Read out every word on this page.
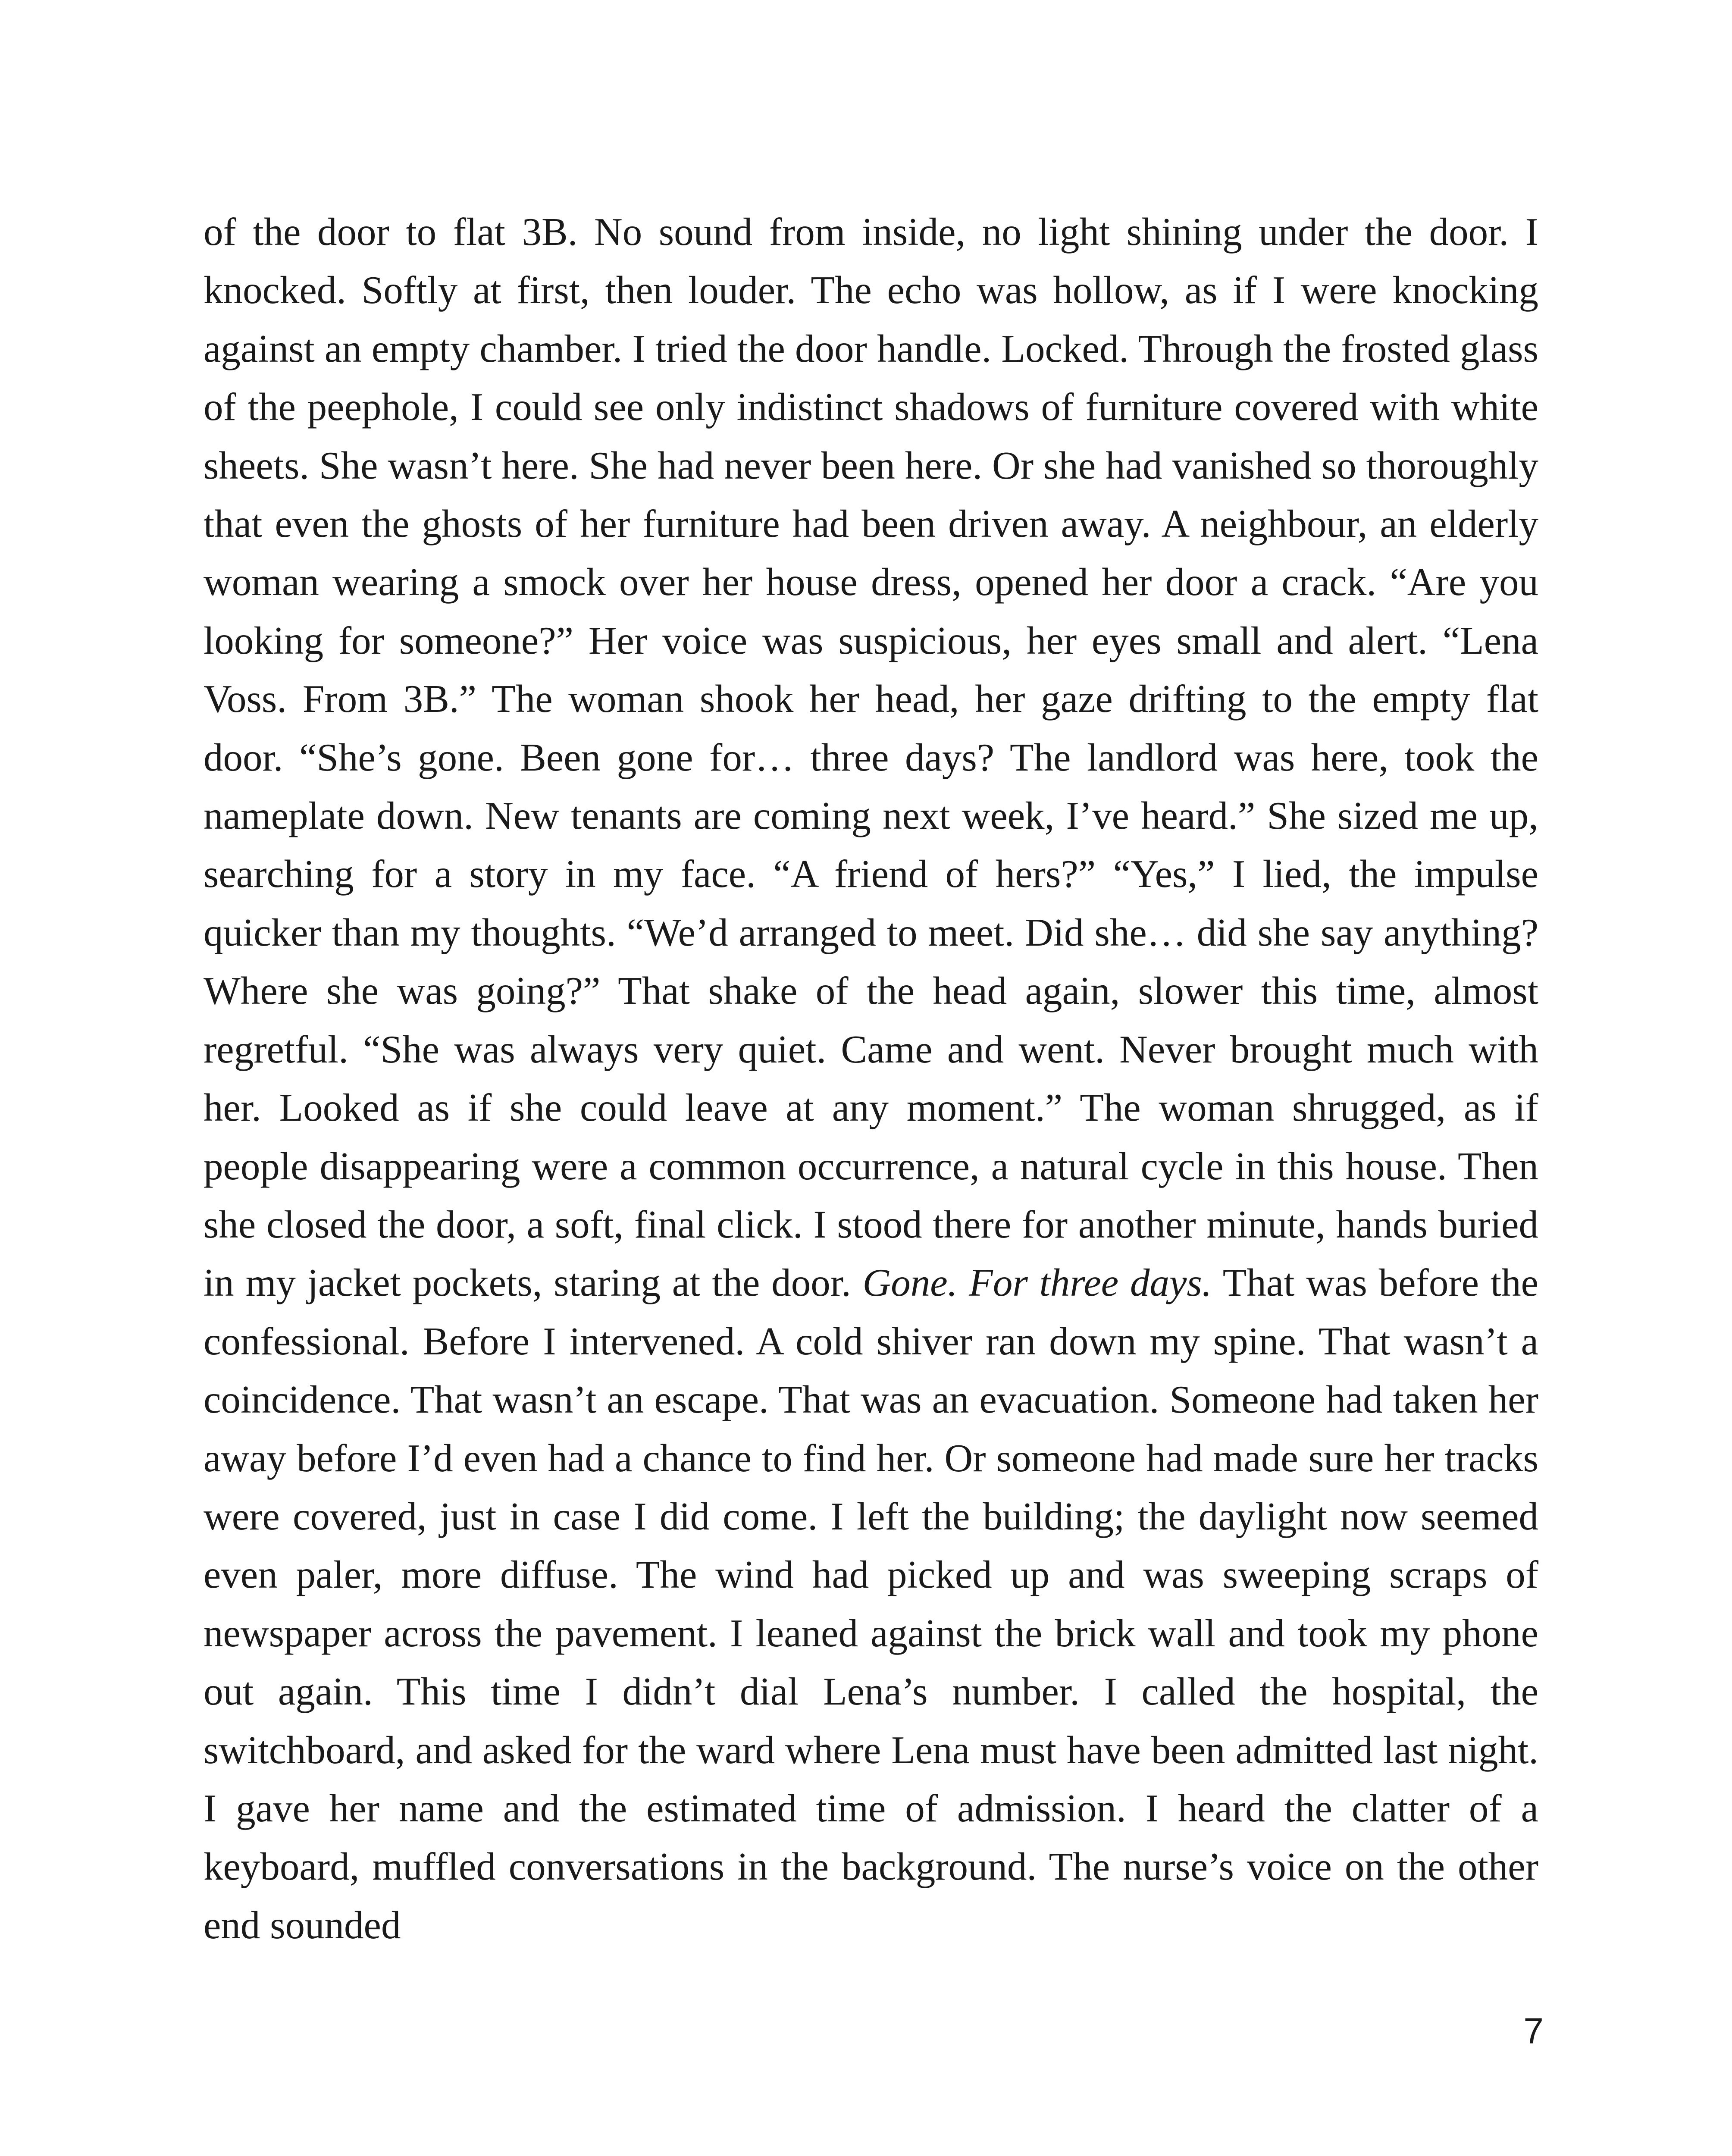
of the door to flat 3B. No sound from inside, no light shining under the door. I knocked. Softly at first, then louder. The echo was hollow, as if I were knocking against an empty chamber. I tried the door handle. Locked. Through the frosted glass of the peephole, I could see only indistinct shadows of furniture covered with white sheets. She wasn’t here. She had never been here. Or she had vanished so thoroughly that even the ghosts of her furniture had been driven away. A neighbour, an elderly woman wearing a smock over her house dress, opened her door a crack. “Are you looking for someone?” Her voice was suspicious, her eyes small and alert. “Lena Voss. From 3B.” The woman shook her head, her gaze drifting to the empty flat door. “She’s gone. Been gone for… three days? The landlord was here, took the nameplate down. New tenants are coming next week, I’ve heard.” She sized me up, searching for a story in my face. “A friend of hers?” “Yes,” I lied, the impulse quicker than my thoughts. “We’d arranged to meet. Did she… did she say anything? Where she was going?” That shake of the head again, slower this time, almost regretful. “She was always very quiet. Came and went. Never brought much with her. Looked as if she could leave at any moment.” The woman shrugged, as if people disappearing were a common occurrence, a natural cycle in this house. Then she closed the door, a soft, final click. I stood there for another minute, hands buried in my jacket pockets, staring at the door. Gone. For three days. That was before the confessional. Before I intervened. A cold shiver ran down my spine. That wasn’t a coincidence. That wasn’t an escape. That was an evacuation. Someone had taken her away before I’d even had a chance to find her. Or someone had made sure her tracks were covered, just in case I did come. I left the building; the daylight now seemed even paler, more diffuse. The wind had picked up and was sweeping scraps of newspaper across the pavement. I leaned against the brick wall and took my phone out again. This time I didn’t dial Lena’s number. I called the hospital, the switchboard, and asked for the ward where Lena must have been admitted last night. I gave her name and the estimated time of admission. I heard the clatter of a keyboard, muffled conversations in the background. The nurse’s voice on the other end sounded

7
